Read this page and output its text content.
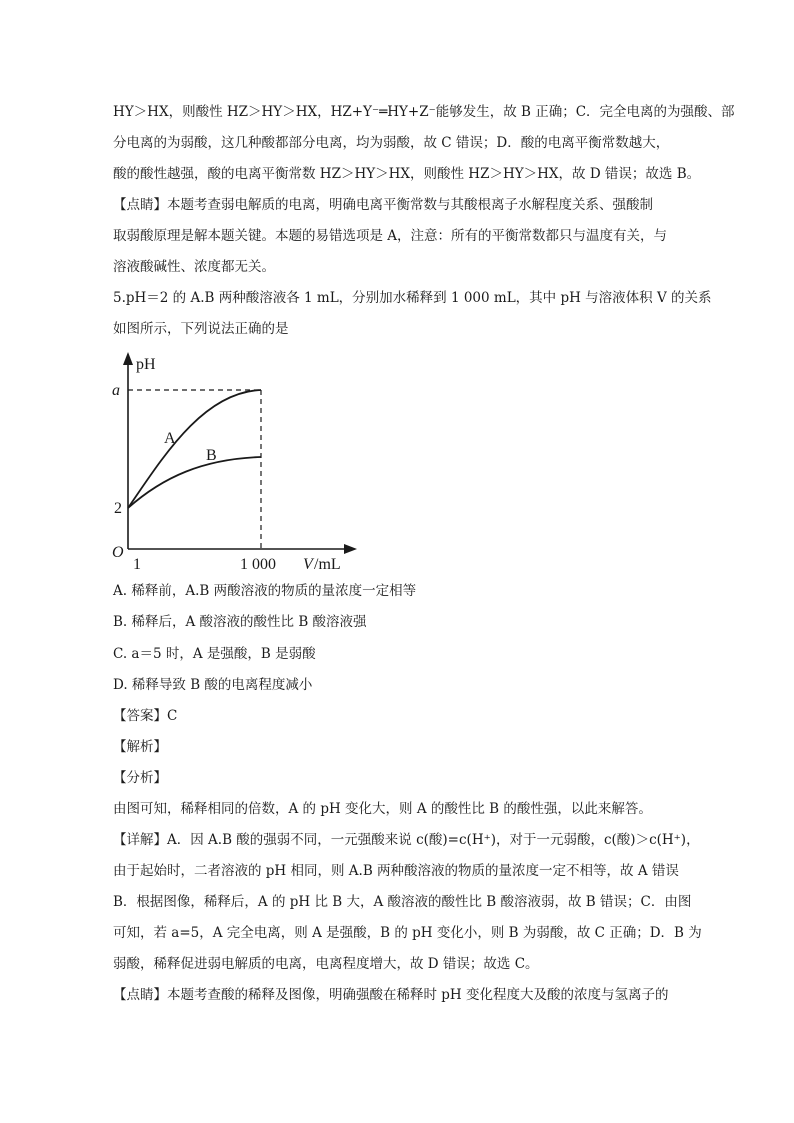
HY＞HX，则酸性 HZ＞HY＞HX，HZ+Y⁻═HY+Z⁻能够发生，故 B 正确；C．完全电离的为强酸、部
分电离的为弱酸，这几种酸都部分电离，均为弱酸，故 C 错误；D．酸的电离平衡常数越大，
酸的酸性越强，酸的电离平衡常数 HZ＞HY＞HX，则酸性 HZ＞HY＞HX，故 D 错误；故选 B。
【点睛】本题考查弱电解质的电离，明确电离平衡常数与其酸根离子水解程度关系、强酸制
取弱酸原理是解本题关键。本题的易错选项是 A，注意：所有的平衡常数都只与温度有关，与
溶液酸碱性、浓度都无关。
5.pH＝2 的 A.B 两种酸溶液各 1 mL，分别加水稀释到 1 000 mL，其中 pH 与溶液体积 V 的关系
如图所示，下列说法正确的是
pH
a
2
O
1	1 000 V /mL
A
B
A. 稀释前，A.B 两酸溶液的物质的量浓度一定相等
B. 稀释后，A 酸溶液的酸性比 B 酸溶液强
C. a＝5 时，A 是强酸，B 是弱酸
D. 稀释导致 B 酸的电离程度减小
【答案】C
【解析】
【分析】
由图可知，稀释相同的倍数，A 的 pH 变化大，则 A 的酸性比 B 的酸性强，以此来解答。
【详解】A．因 A.B 酸的强弱不同，一元强酸来说 c(酸)=c(H⁺)，对于一元弱酸，c(酸)＞c(H⁺)，
由于起始时，二者溶液的 pH 相同，则 A.B 两种酸溶液的物质的量浓度一定不相等，故 A 错误
B．根据图像，稀释后，A 的 pH 比 B 大，A 酸溶液的酸性比 B 酸溶液弱，故 B 错误；C．由图
可知，若 a=5，A 完全电离，则 A 是强酸，B 的 pH 变化小，则 B 为弱酸，故 C 正确；D．B 为
弱酸，稀释促进弱电解质的电离，电离程度增大，故 D 错误；故选 C。
【点睛】本题考查酸的稀释及图像，明确强酸在稀释时 pH 变化程度大及酸的浓度与氢离子的
